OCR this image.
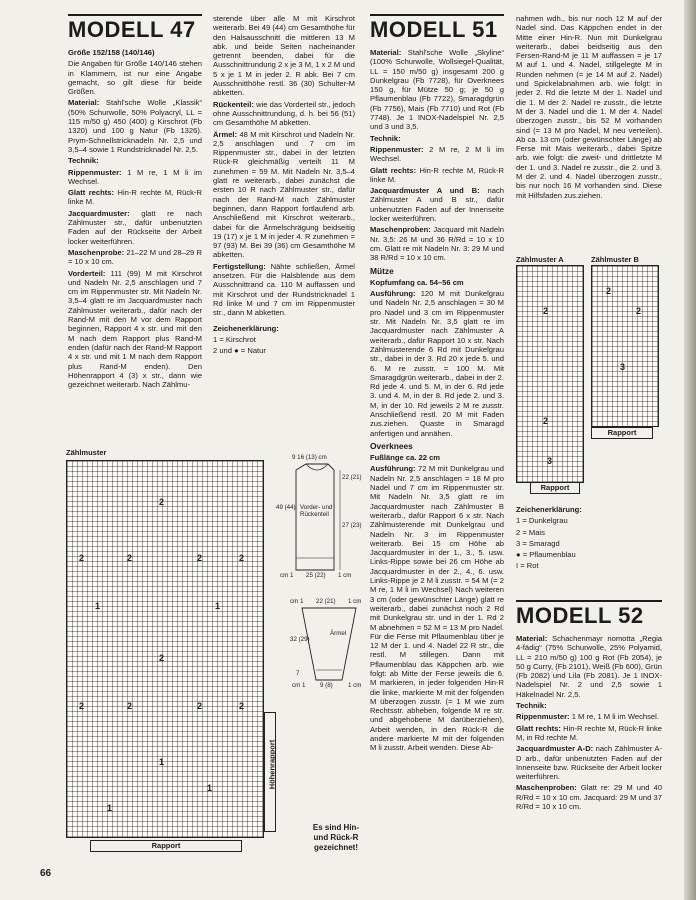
MODELL 47

Größe 152/158 (140/146)

Die Angaben für Größe 140/146 stehen in Klammern, ist nur eine Angabe gemacht, so gilt diese für beide Größen.

Material: Stahl'sche Wolle „Klassik“ (50% Schurwolle, 50% Polyacryl, LL = 115 m/50 g) 450 (400) g Kirschrot (Fb 1320) und 100 g Natur (Fb 1326). Prym-Schnellstricknadeln Nr. 2,5 und 3,5–4 sowie 1 Rundstricknadel Nr. 2,5.

Technik:

Rippenmuster: 1 M re, 1 M li im Wechsel.

Glatt rechts: Hin-R rechte M, Rück-R linke M.

Jacquardmuster: glatt re nach Zählmuster str., dafür unbenutzten Faden auf der Rückseite der Arbeit locker weiterführen.

Maschenprobe: 21–22 M und 28–29 R = 10 x 10 cm.

Vorderteil: 111 (99) M mit Kirschrot und Nadeln Nr. 2,5 anschlagen und 7 cm im Rippenmuster str. Mit Nadeln Nr. 3,5–4 glatt re im Jacquardmuster nach Zählmuster weiterarb., dafür nach der Rand-M mit den M vor dem Rapport beginnen, Rapport 4 x str. und mit den M nach dem Rapport plus Rand-M enden (dafür nach der Rand-M Rapport 4 x str. und mit 1 M nach dem Rapport plus Rand-M enden). Den Höhenrapport 4 (3) x str., dann wie gezeichnet weiterarb. Nach Zählmu-

sterende über alle M mit Kirschrot weiterarb. Bei 49 (44) cm Gesamthöhe für den Halsausschnitt die mittleren 13 M abk. und beide Seiten nacheinander getrennt beenden, dabei für die Ausschnittrundung 2 x je 3 M, 1 x 2 M und 5 x je 1 M in jeder 2. R abk. Bei 7 cm Ausschnitthöhe restl. 36 (30) Schulter-M abketten.

Rückenteil: wie das Vorderteil str., jedoch ohne Ausschnittrundung, d. h. bei 56 (51) cm Gesamthöhe M abketten.

Ärmel: 48 M mit Kirschrot und Nadeln Nr. 2,5 anschlagen und 7 cm im Rippenmuster str., dabei in der letzten Rück-R gleichmäßig verteilt 11 M zunehmen = 59 M. Mit Nadeln Nr. 3,5–4 glatt re weiterarb., dabei zunächst die ersten 10 R nach Zählmuster str., dafür nach der Rand-M nach Zählmuster beginnen, dann Rapport fortlaufend arb. Anschließend mit Kirschrot weiterarb., dabei für die Ärmelschrägung beidseitig 19 (17) x je 1 M in jeder 4. R zunehmen = 97 (93) M. Bei 39 (36) cm Gesamthöhe M abketten.

Fertigstellung: Nähte schließen, Ärmel ansetzen. Für die Halsblende aus dem Ausschnittrand ca. 110 M auffassen und mit Kirschrot und der Rundstricknadel 1 Rd linke M und 7 cm im Rippenmuster str., dann M abketten.

Zeichenerklärung:

1 = Kirschrot

2 und ● = Natur

Zählmuster
2
2	2	2	2
1	1
2
2	2	2	2
1
1
1
Höhenrapport
Rapport
Es sind Hin- und Rück-R gezeichnet!
9 16 (13) cm
22 (21)
27 (23)
49 (44) Vorder- und Rückenteil
25 (22)
cm 1	1 cm
22 (21)
cm 1	1 cm
Ärmel
32 (29)
7
9 (8)
cm 1	1 cm
MODELL 51

Material: Stahl'sche Wolle „Skyline“ (100% Schurwolle, Wollsiegel-Qualität, LL = 150 m/50 g) insgesamt 200 g Dunkelgrau (Fb 7728), für Overknees 150 g, für Mütze 50 g; je 50 g Pflaumenblau (Fb 7722), Smaragdgrün (Fb 7756), Mais (Fb 7710) und Rot (Fb 7748). Je 1 INOX-Nadelspiel Nr. 2,5 und 3 und 3,5.

Technik:

Rippenmuster: 2 M re, 2 M li im Wechsel.

Glatt rechts: Hin-R rechte M, Rück-R linke M.

Jacquardmuster A und B: nach Zählmuster A und B str., dafür unbenutzten Faden auf der Innenseite locker weiterführen.

Maschenproben: Jacquard mit Nadeln Nr. 3,5: 26 M und 36 R/Rd = 10 x 10 cm. Glatt re mit Nadeln Nr. 3: 29 M und 38 R/Rd = 10 x 10 cm.

Mütze

Kopfumfang ca. 54–56 cm

Ausführung: 120 M mit Dunkelgrau und Nadeln Nr. 2,5 anschlagen = 30 M pro Nadel und 3 cm im Rippenmuster str. Mit Nadeln Nr. 3,5 glatt re im Jacquardmuster nach Zählmuster A weiterarb., dafür Rapport 10 x str. Nach Zählmusterende 6 Rd mit Dunkelgrau str., dabei in der 3. Rd 20 x jede 5. und 6. M re zusstr. = 100 M. Mit Smaragdgrün weiterarb., dabei in der 2. Rd jede 4. und 5. M, in der 6. Rd jede 3. und 4. M, in der 8. Rd jede 2. und 3. M, in der 10. Rd jeweils 2 M re zusstr. Anschließend restl. 20 M mit Faden zus.ziehen. Quaste in Smaragd anfertigen und annähen.

Overknees

Fußlänge ca. 22 cm

Ausführung: 72 M mit Dunkelgrau und Nadeln Nr. 2,5 anschlagen = 18 M pro Nadel und 7 cm im Rippenmuster str. Mit Nadeln Nr. 3,5 glatt re im Jacquardmuster nach Zählmuster B weiterarb., dafür Rapport 6 x str. Nach Zählmusterende mit Dunkelgrau und Nadeln Nr. 3 im Rippenmuster weiterarb. Bei 15 cm Höhe ab Jacquardmuster in der 1., 3., 5. usw. Links-Rippe sowie bei 26 cm Höhe ab Jacquardmuster in der 2., 4., 6. usw. Links-Rippe je 2 M li zusstr. = 54 M (= 2 M re, 1 M li im Wechsel) Nach weiteren 3 cm (oder gewünschter Länge) glatt re weiterarb., dabei zunächst noch 2 Rd mit Dunkelgrau str. und in der 1. Rd 2 M abnehmen = 52 M = 13 M pro Nadel. Für die Ferse mit Pflaumenblau über je 12 M der 1. und 4. Nadel 22 R str., die restl. M stillegen. Dann mit Pflaumenblau das Käppchen arb. wie folgt: ab Mitte der Ferse jeweils die 6. M markieren, in jeder folgenden Hin-R die linke, markierte M mit der folgenden M überzogen zusstr. (= 1 M wie zum Rechtsstr. abheben, folgende M re str. und abgehobene M darüberziehen), Arbeit wenden, in den Rück-R die andere markierte M mit der folgenden M li zusstr. Arbeit wenden. Diese Ab-

nahmen wdh., bis nur noch 12 M auf der Nadel sind. Das Käppchen endet in der Mitte einer Hin-R. Nun mit Dunkelgrau weiterarb., dabei beidseitig aus den Fersen-Rand-M je 11 M auffassen = je 17 M auf 1. und 4. Nadel, stillgelegte M in Runden nehmen (= je 14 M auf 2. Nadel) und Spickelabnahmen arb. wie folgt: in jeder 2. Rd die letzte M der 1. Nadel und die 1. M der 2. Nadel re zusstr., die letzte M der 3. Nadel und die 1. M der 4. Nadel überzogen zusstr., bis 52 M vorhanden sind (= 13 M pro Nadel, M neu verteilen). Ab ca. 13 cm (oder gewünschter Länge) ab Ferse mit Mais weiterarb., dabei Spitze arb. wie folgt: die zweit- und drittletzte M der 1. und 3. Nadel re zusstr., die 2. und 3. M der 2. und 4. Nadel überzogen zusstr., bis nur noch 16 M vorhanden sind. Diese mit Hilfsfaden zus.ziehen.

Zählmuster A	Zählmuster B
2
2
3
2
2
3
Rapport
Rapport

Zeichenerklärung:

1 = Dunkelgrau

2 = Mais

3 = Smaragd

● = Pflaumenblau

I = Rot

MODELL 52

Material: Schachenmayr nomotta „Regia 4-fädig“ (75% Schurwolle, 25% Polyamid, LL = 210 m/50 g) 100 g Rot (Fb 2054), je 50 g Curry, (Fb 2101), Weiß (Fb 600), Grün (Fb 2082) und Lila (Fb 2081). Je 1 INOX-Nadelspiel Nr. 2 und 2,5 sowie 1 Häkelnadel Nr. 2,5.

Technik:

Rippenmuster: 1 M re, 1 M li im Wechsel.

Glatt rechts: Hin-R rechte M, Rück-R linke M, in Rd rechte M.

Jacquardmuster A-D: nach Zählmuster A-D arb., dafür unbenutzten Faden auf der Innenseite bzw. Rückseite der Arbeit locker weiterführen.

Maschenproben: Glatt re: 29 M und 40 R/Rd = 10 x 10 cm. Jacquard: 29 M und 37 R/Rd = 10 x 10 cm.

66
